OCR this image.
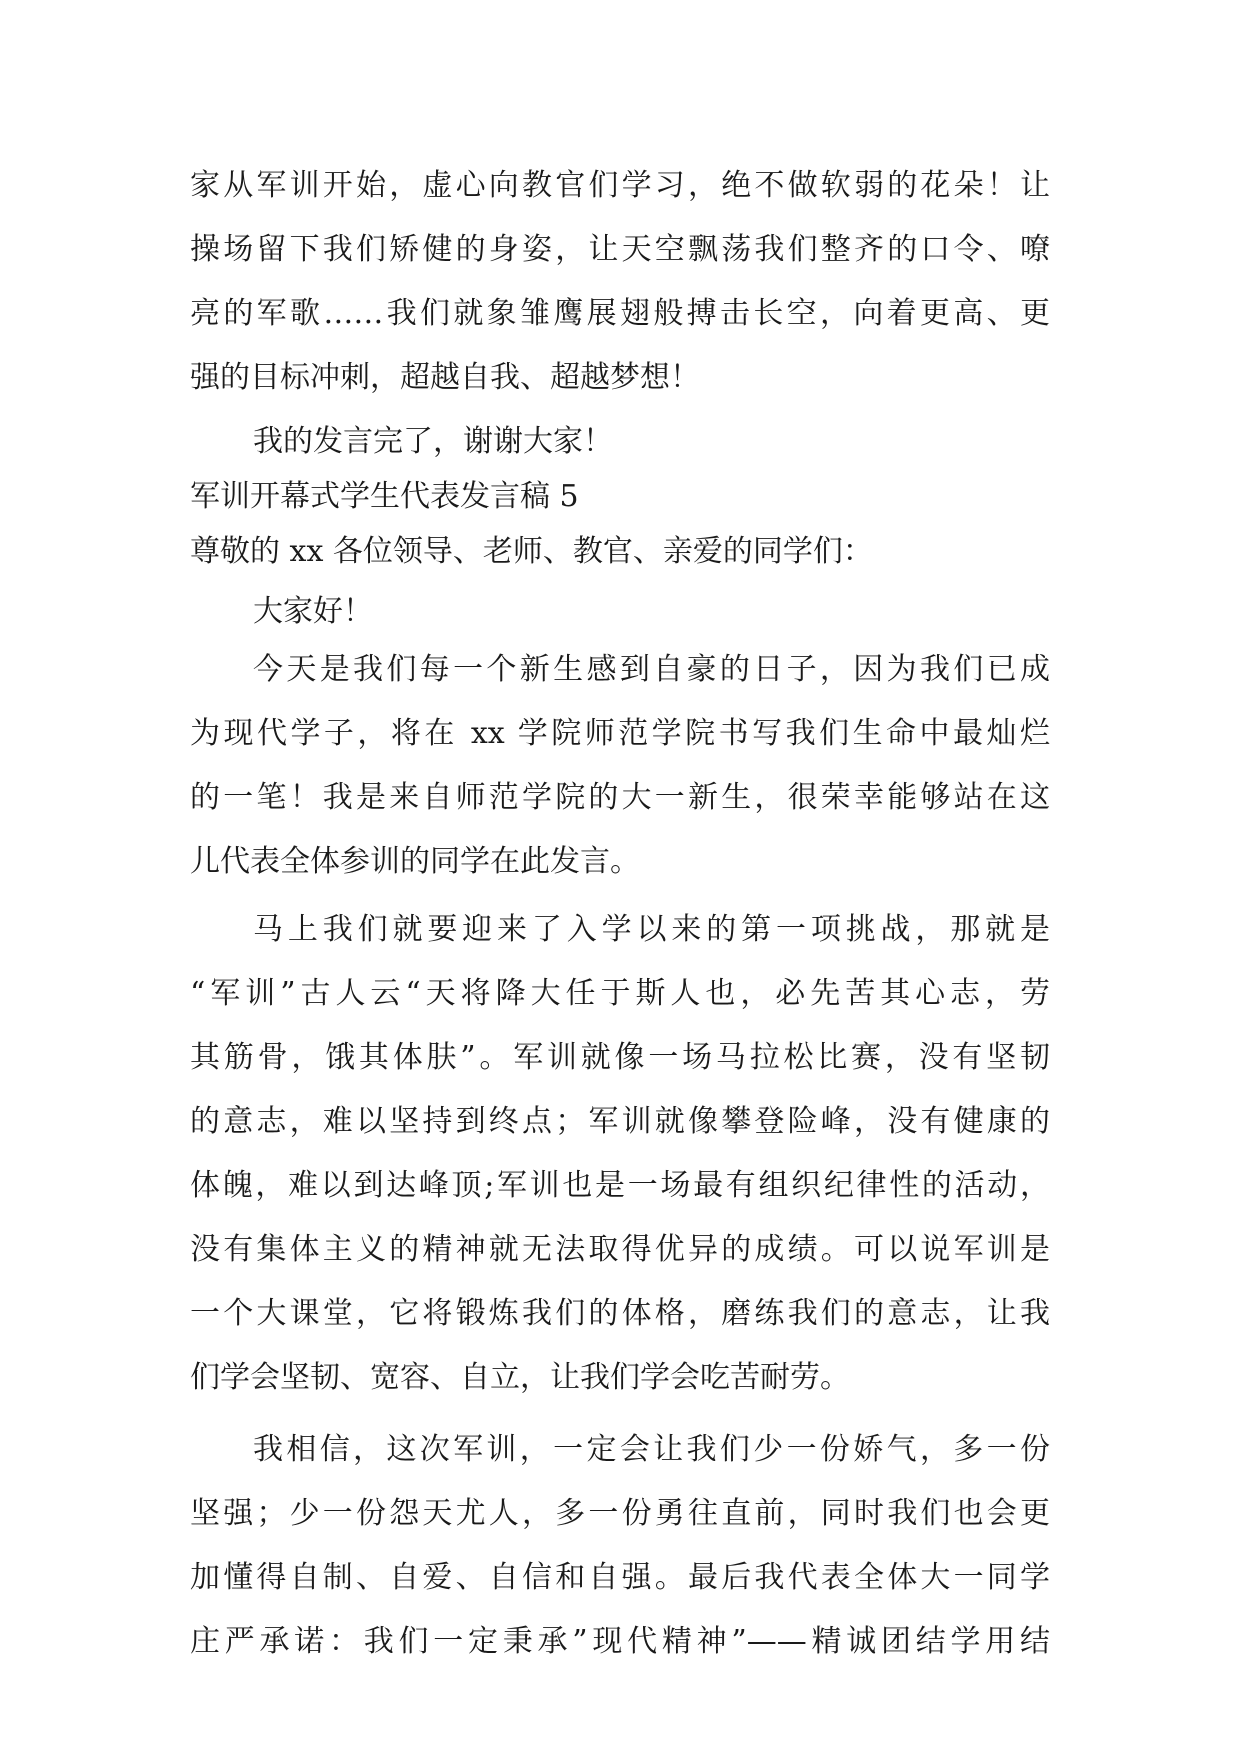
家从军训开始，虚心向教官们学习，绝不做软弱的花朵！让
操场留下我们矫健的身姿，让天空飘荡我们整齐的口令、嘹
亮的军歌……我们就象雏鹰展翅般搏击长空，向着更高、更
强的目标冲刺，超越自我、超越梦想！
我的发言完了，谢谢大家！
军训开幕式学生代表发言稿 5
尊敬的 xx 各位领导、老师、教官、亲爱的同学们：
大家好！
今天是我们每一个新生感到自豪的日子，因为我们已成
为现代学子，将在 xx 学院师范学院书写我们生命中最灿烂
的一笔！我是来自师范学院的大一新生，很荣幸能够站在这
儿代表全体参训的同学在此发言。
马上我们就要迎来了入学以来的第一项挑战，那就是
“军训”古人云“天将降大任于斯人也，必先苦其心志，劳
其筋骨，饿其体肤”。军训就像一场马拉松比赛，没有坚韧
的意志，难以坚持到终点；军训就像攀登险峰，没有健康的
体魄，难以到达峰顶;军训也是一场最有组织纪律性的活动，
没有集体主义的精神就无法取得优异的成绩。可以说军训是
一个大课堂，它将锻炼我们的体格，磨练我们的意志，让我
们学会坚韧、宽容、自立，让我们学会吃苦耐劳。
我相信，这次军训，一定会让我们少一份娇气，多一份
坚强；少一份怨天尤人，多一份勇往直前，同时我们也会更
加懂得自制、自爱、自信和自强。最后我代表全体大一同学
庄严承诺：我们一定秉承”现代精神”——精诚团结学用结
